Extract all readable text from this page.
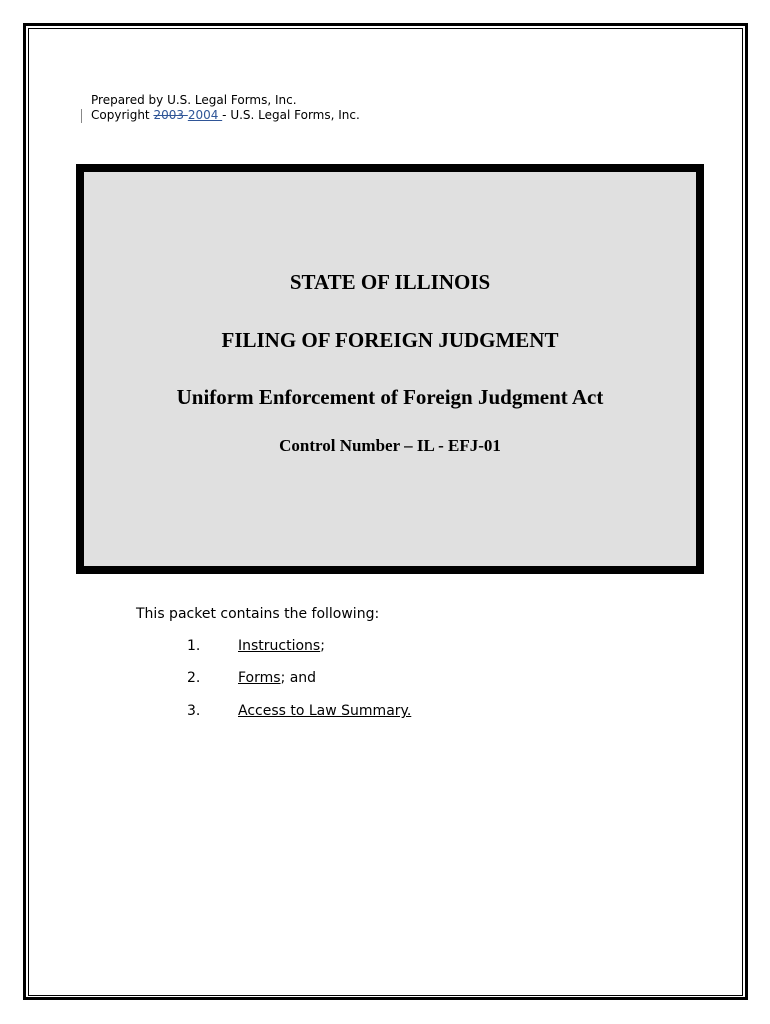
Prepared by U.S. Legal Forms, Inc.
Copyright 2003 2004 - U.S. Legal Forms, Inc.
STATE OF ILLINOIS
FILING OF FOREIGN JUDGMENT
Uniform Enforcement of Foreign Judgment Act
Control Number – IL - EFJ-01
This packet contains the following:
1.	Instructions;
2.	Forms; and
3.	Access to Law Summary.
